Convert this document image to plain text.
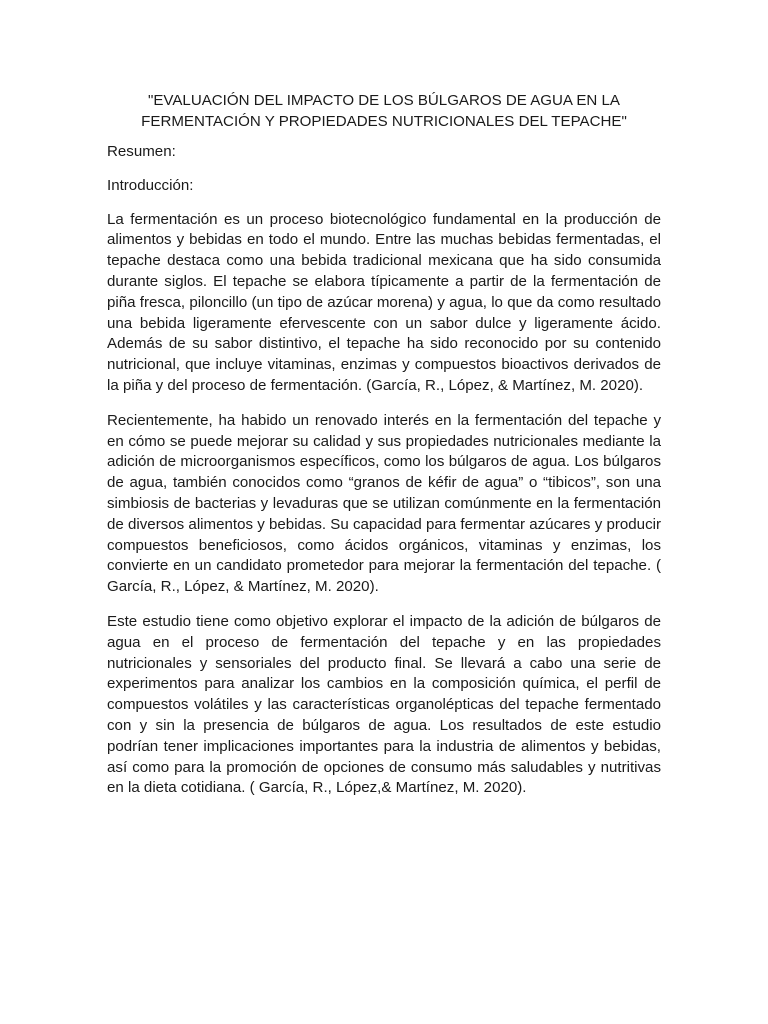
"EVALUACIÓN DEL IMPACTO DE LOS BÚLGAROS DE AGUA EN LA
FERMENTACIÓN Y PROPIEDADES NUTRICIONALES DEL TEPACHE"

Resumen:

Introducción:

La fermentación es un proceso biotecnológico fundamental en la producción de alimentos y bebidas en todo el mundo. Entre las muchas bebidas fermentadas, el tepache destaca como una bebida tradicional mexicana que ha sido consumida durante siglos. El tepache se elabora típicamente a partir de la fermentación de piña fresca, piloncillo (un tipo de azúcar morena) y agua, lo que da como resultado una bebida ligeramente efervescente con un sabor dulce y ligeramente ácido. Además de su sabor distintivo, el tepache ha sido reconocido por su contenido nutricional, que incluye vitaminas, enzimas y compuestos bioactivos derivados de la piña y del proceso de fermentación. (García, R., López, & Martínez, M. 2020).

Recientemente, ha habido un renovado interés en la fermentación del tepache y en cómo se puede mejorar su calidad y sus propiedades nutricionales mediante la adición de microorganismos específicos, como los búlgaros de agua. Los búlgaros de agua, también conocidos como “granos de kéfir de agua” o “tibicos”, son una simbiosis de bacterias y levaduras que se utilizan comúnmente en la fermentación de diversos alimentos y bebidas. Su capacidad para fermentar azúcares y producir compuestos beneficiosos, como ácidos orgánicos, vitaminas y enzimas, los convierte en un candidato prometedor para mejorar la fermentación del tepache. ( García, R., López, & Martínez, M. 2020).

Este estudio tiene como objetivo explorar el impacto de la adición de búlgaros de agua en el proceso de fermentación del tepache y en las propiedades nutricionales y sensoriales del producto final. Se llevará a cabo una serie de experimentos para analizar los cambios en la composición química, el perfil de compuestos volátiles y las características organolépticas del tepache fermentado con y sin la presencia de búlgaros de agua. Los resultados de este estudio podrían tener implicaciones importantes para la industria de alimentos y bebidas, así como para la promoción de opciones de consumo más saludables y nutritivas en la dieta cotidiana. ( García, R., López,& Martínez, M. 2020).
